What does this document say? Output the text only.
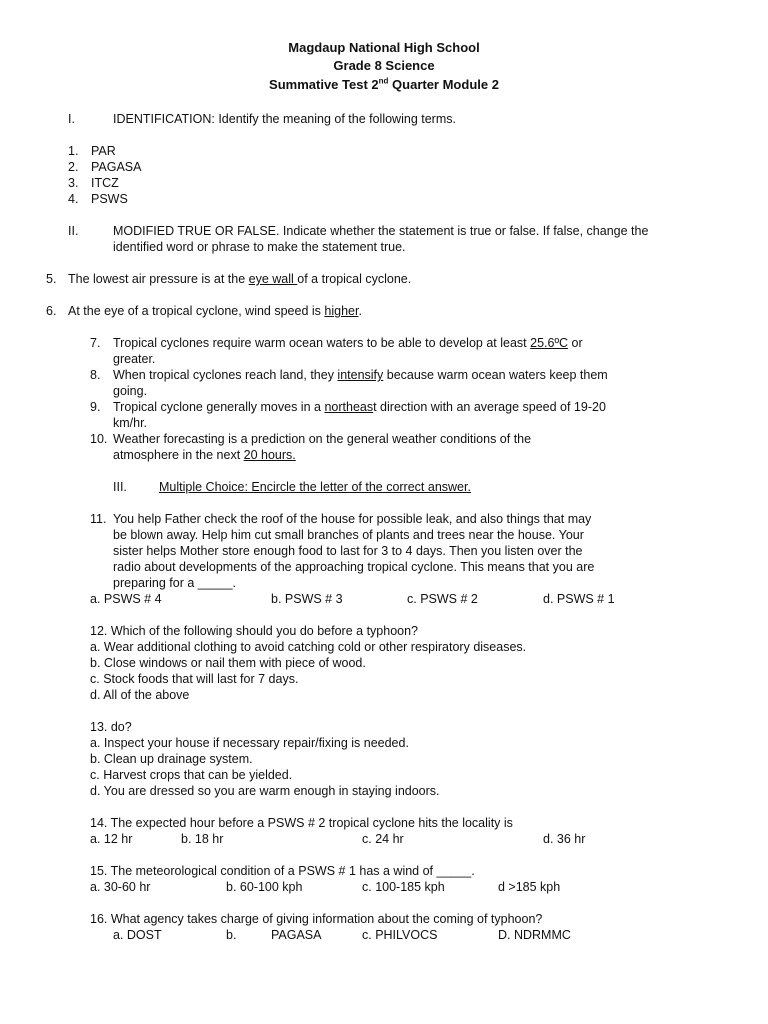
Magdaup National High School
Grade 8 Science
Summative Test 2nd Quarter Module 2
I.	IDENTIFICATION: Identify the meaning of the following terms.
1. PAR
2. PAGASA
3. ITCZ
4. PSWS
II.	MODIFIED TRUE OR FALSE. Indicate whether the statement is true or false. If false, change the
identified word or phrase to make the statement true.
5. The lowest air pressure is at the eye wall of a tropical cyclone.
6. At the eye of a tropical cyclone, wind speed is higher.
7. Tropical cyclones require warm ocean waters to be able to develop at least 25.6ºC or
greater.
8. When tropical cyclones reach land, they intensify because warm ocean waters keep them
going.
9. Tropical cyclone generally moves in a northeast direction with an average speed of 19-20
km/hr.
10. Weather forecasting is a prediction on the general weather conditions of the
atmosphere in the next 20 hours.
III.	Multiple Choice: Encircle the letter of the correct answer.
11. You help Father check the roof of the house for possible leak, and also things that may
be blown away. Help him cut small branches of plants and trees near the house. Your
sister helps Mother store enough food to last for 3 to 4 days. Then you listen over the
radio about developments of the approaching tropical cyclone. This means that you are
preparing for a _____.
a. PSWS # 4	b. PSWS # 3	c. PSWS # 2	d. PSWS # 1
12. Which of the following should you do before a typhoon?
a. Wear additional clothing to avoid catching cold or other respiratory diseases.
b. Close windows or nail them with piece of wood.
c. Stock foods that will last for 7 days.
d. All of the above
13. do?
a. Inspect your house if necessary repair/fixing is needed.
b. Clean up drainage system.
c. Harvest crops that can be yielded.
d. You are dressed so you are warm enough in staying indoors.
14. The expected hour before a PSWS # 2 tropical cyclone hits the locality is
a. 12 hr	b. 18 hr	c. 24 hr	d. 36 hr
15. The meteorological condition of a PSWS # 1 has a wind of _____.
a. 30-60 hr	b. 60-100 kph	c. 100-185 kph	d >185 kph
16. What agency takes charge of giving information about the coming of typhoon?
a. DOST	b.	PAGASA	c. PHILVOCS	D. NDRMMC
